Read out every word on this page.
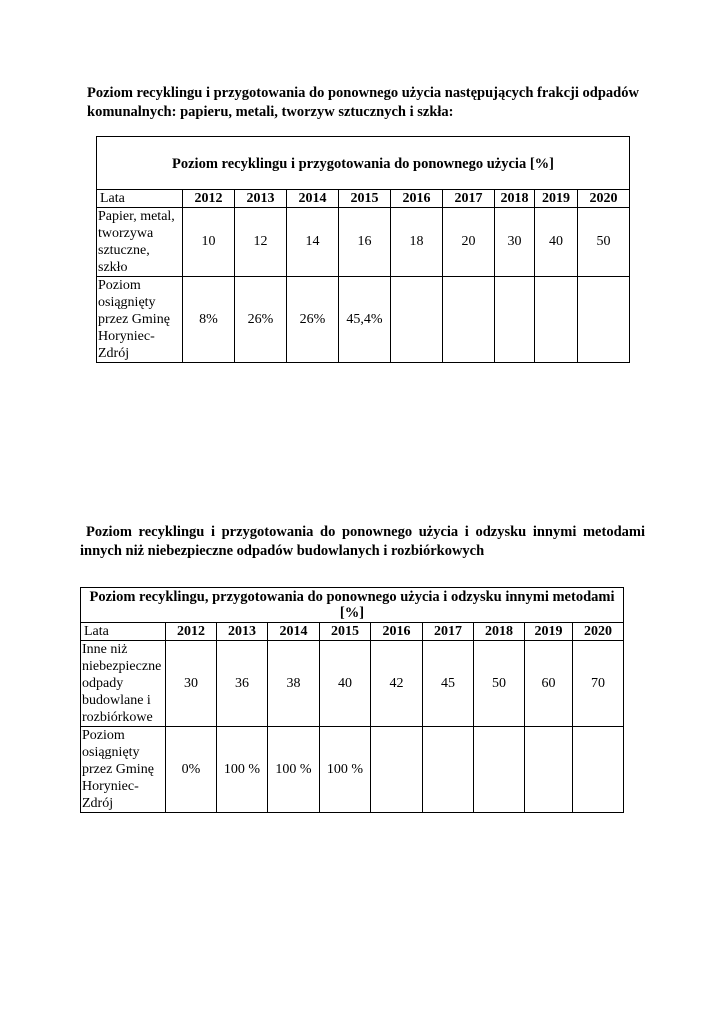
Poziom recyklingu i przygotowania do ponownego użycia następujących frakcji odpadów komunalnych: papieru, metali, tworzyw sztucznych i szkła:
Poziom recyklingu i przygotowania do ponownego użycia [%]									
Lata	2012	2013	2014	2015	2016	2017	2018	2019	2020
Papier, metal, tworzywa sztuczne, szkło	10	12	14	16	18	20	30	40	50
Poziom osiągnięty przez Gminę Horyniec-Zdrój	8%	26%	26%	45,4%					
Poziom recyklingu i przygotowania do ponownego użycia i odzysku innymi metodami
innych niż niebezpieczne odpadów budowlanych i rozbiórkowych
Poziom recyklingu, przygotowania do ponownego użycia i odzysku innymi metodami [%]									
Lata	2012	2013	2014	2015	2016	2017	2018	2019	2020
Inne niż niebezpieczne odpady budowlane i rozbiórkowe	30	36	38	40	42	45	50	60	70
Poziom osiągnięty przez Gminę Horyniec-Zdrój	0%	100 %	100 %	100 %					
